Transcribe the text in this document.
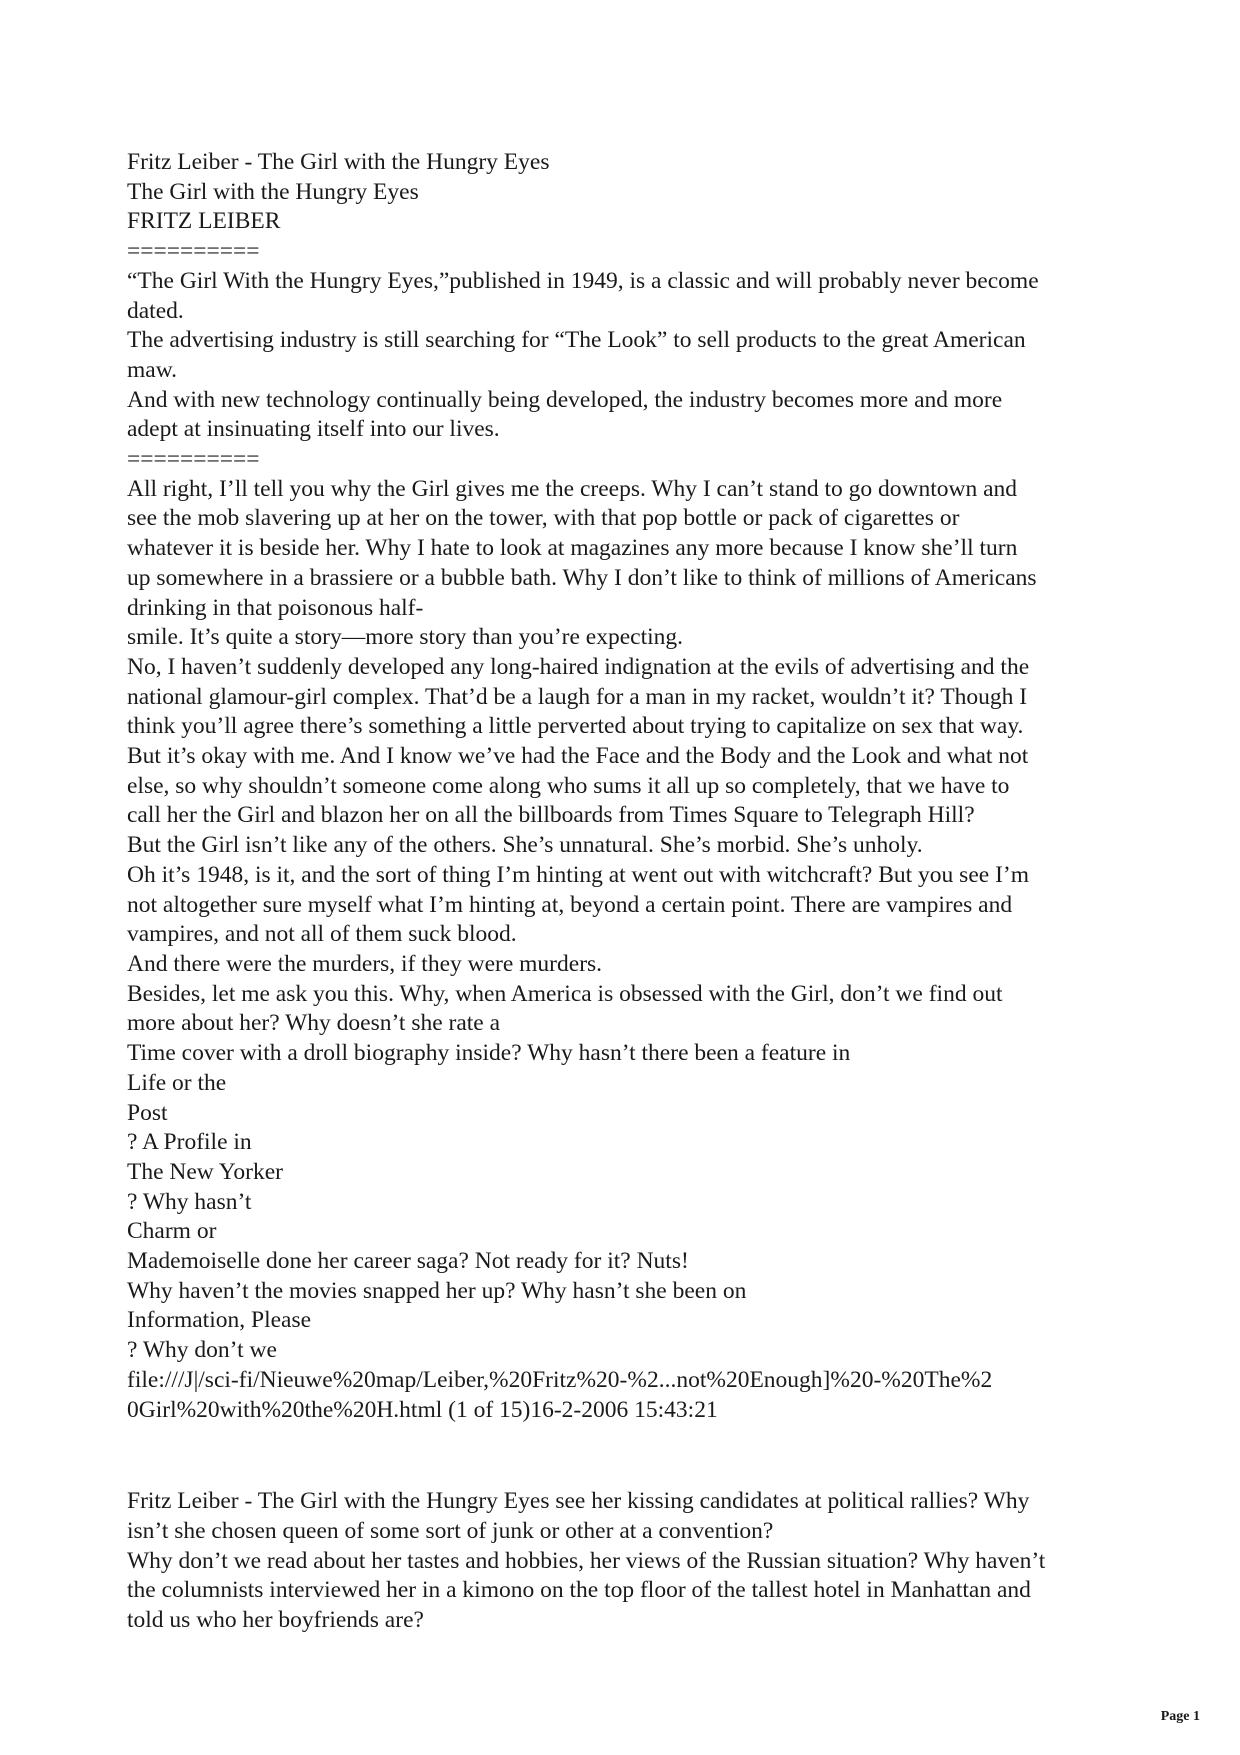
Fritz Leiber - The Girl with the Hungry Eyes
The Girl with the Hungry Eyes
FRITZ LEIBER
==========
“The Girl With the Hungry Eyes,”published in 1949, is a classic and will probably never become
dated.
The advertising industry is still searching for “The Look” to sell products to the great American
maw.
And with new technology continually being developed, the industry becomes more and more
adept at insinuating itself into our lives.
==========
All right, I’ll tell you why the Girl gives me the creeps. Why I can’t stand to go downtown and
see the mob slavering up at her on the tower, with that pop bottle or pack of cigarettes or
whatever it is beside her. Why I hate to look at magazines any more because I know she’ll turn
up somewhere in a brassiere or a bubble bath. Why I don’t like to think of millions of Americans
drinking in that poisonous half-
smile. It’s quite a story—more story than you’re expecting.
No, I haven’t suddenly developed any long-haired indignation at the evils of advertising and the
national glamour-girl complex. That’d be a laugh for a man in my racket, wouldn’t it? Though I
think you’ll agree there’s something a little perverted about trying to capitalize on sex that way.
But it’s okay with me. And I know we’ve had the Face and the Body and the Look and what not
else, so why shouldn’t someone come along who sums it all up so completely, that we have to
call her the Girl and blazon her on all the billboards from Times Square to Telegraph Hill?
But the Girl isn’t like any of the others. She’s unnatural. She’s morbid. She’s unholy.
Oh it’s 1948, is it, and the sort of thing I’m hinting at went out with witchcraft? But you see I’m
not altogether sure myself what I’m hinting at, beyond a certain point. There are vampires and
vampires, and not all of them suck blood.
And there were the murders, if they were murders.
Besides, let me ask you this. Why, when America is obsessed with the Girl, don’t we find out
more about her? Why doesn’t she rate a
Time cover with a droll biography inside? Why hasn’t there been a feature in
Life or the
Post
? A Profile in
The New Yorker
? Why hasn’t
Charm or
Mademoiselle done her career saga? Not ready for it? Nuts!
Why haven’t the movies snapped her up? Why hasn’t she been on
Information, Please
? Why don’t we
file:///J|/sci-fi/Nieuwe%20map/Leiber,%20Fritz%20-%2...not%20Enough]%20-%20The%2
0Girl%20with%20the%20H.html (1 of 15)16-2-2006 15:43:21
Fritz Leiber - The Girl with the Hungry Eyes see her kissing candidates at political rallies? Why
isn’t she chosen queen of some sort of junk or other at a convention?
Why don’t we read about her tastes and hobbies, her views of the Russian situation? Why haven’t
the columnists interviewed her in a kimono on the top floor of the tallest hotel in Manhattan and
told us who her boyfriends are?
Page 1
